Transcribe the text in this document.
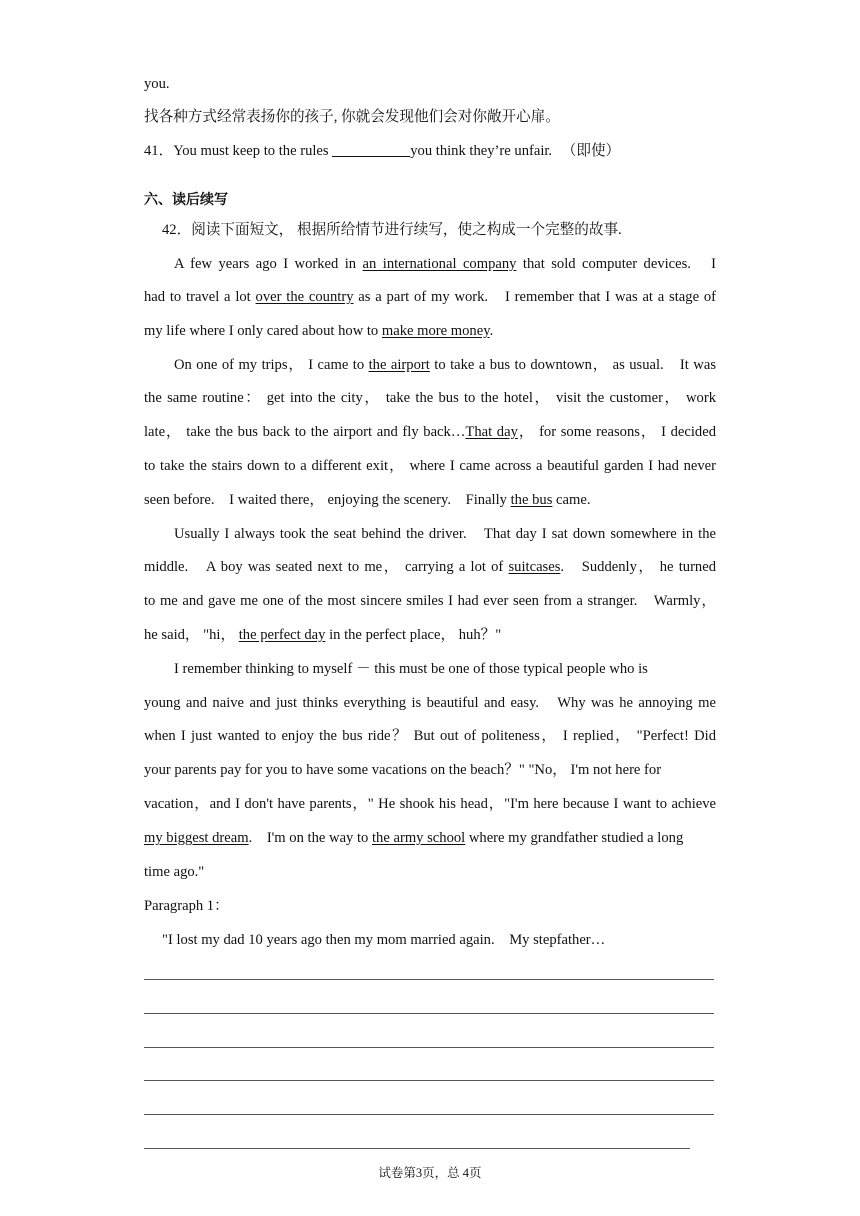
you.
找各种方式经常表扬你的孩子, 你就会发现他们会对你敞开心扉。
41．You must keep to the rules	you think they’re unfair. （即使）
六、读后续写
42．阅读下面短文， 根据所给情节进行续写，使之构成一个完整的故事.
A few years ago I worked in an international company that sold computer devices.　I
had to travel a lot over the country as a part of my work.　I remember that I was at a stage of
my life where I only cared about how to make more money.
On one of my trips， I came to the airport to take a bus to downtown， as usual.　It was
the same routine： get into the city， take the bus to the hotel， visit the customer， work
late， take the bus back to the airport and fly back…That day， for some reasons， I decided
to take the stairs down to a different exit， where I came across a beautiful garden I had never
seen before.　I waited there， enjoying the scenery.　Finally the bus came.
Usually I always took the seat behind the driver.　That day I sat down somewhere in the
middle.　A boy was seated next to me， carrying a lot of suitcases.　Suddenly， he turned
to me and gave me one of the most sincere smiles I had ever seen from a stranger.　Warmly，
he said， "hi， the perfect day in the perfect place， huh？"
I remember thinking to myself － this must be one of those typical people who is
young and naive and just thinks everything is beautiful and easy.　Why was he annoying me
when I just wanted to enjoy the bus ride？ But out of politeness， I replied， "Perfect! Did
your parents pay for you to have some vacations on the beach？" "No， I'm not here for
vacation，and I don't have parents，" He shook his head，"I'm here because I want to achieve
my biggest dream.　I'm on the way to the army school where my grandfather studied a long
time ago."
Paragraph 1：
"I lost my dad 10 years ago then my mom married again.　My stepfather…
试卷第3页，总 4页
